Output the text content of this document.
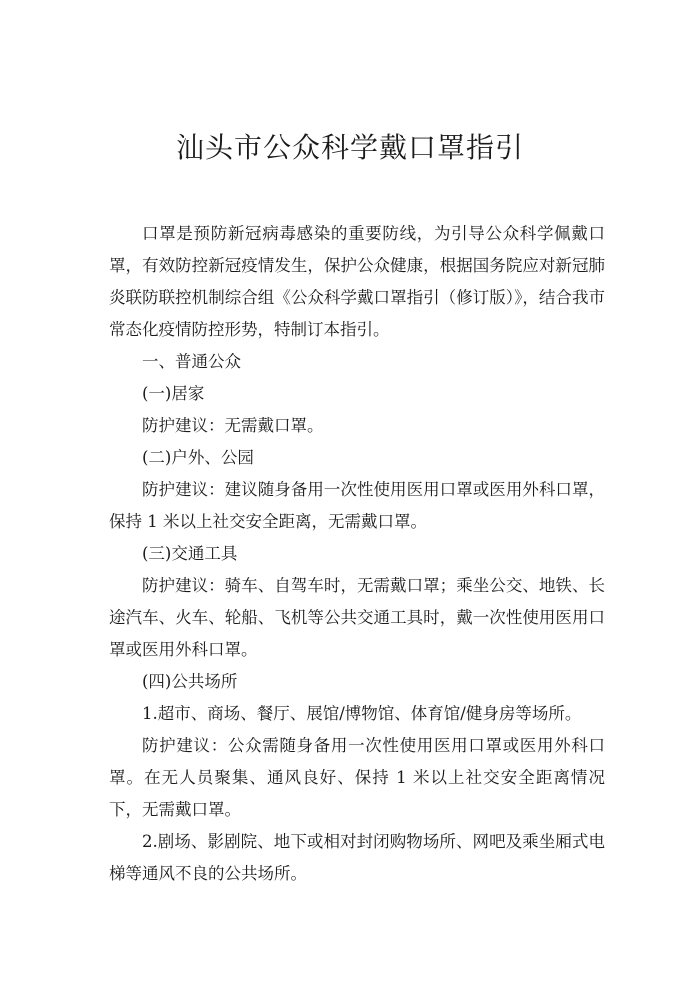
汕头市公众科学戴口罩指引

口罩是预防新冠病毒感染的重要防线，为引导公众科学佩戴口罩，有效防控新冠疫情发生，保护公众健康，根据国务院应对新冠肺炎联防联控机制综合组《公众科学戴口罩指引（修订版）》，结合我市常态化疫情防控形势，特制订本指引。

一、普通公众

(一)居家

防护建议：无需戴口罩。

(二)户外、公园

防护建议：建议随身备用一次性使用医用口罩或医用外科口罩，保持 1 米以上社交安全距离，无需戴口罩。

(三)交通工具

防护建议：骑车、自驾车时，无需戴口罩；乘坐公交、地铁、长途汽车、火车、轮船、飞机等公共交通工具时，戴一次性使用医用口罩或医用外科口罩。

(四)公共场所

1.超市、商场、餐厅、展馆/博物馆、体育馆/健身房等场所。

防护建议：公众需随身备用一次性使用医用口罩或医用外科口罩。在无人员聚集、通风良好、保持 1 米以上社交安全距离情况下，无需戴口罩。

2.剧场、影剧院、地下或相对封闭购物场所、网吧及乘坐厢式电梯等通风不良的公共场所。
